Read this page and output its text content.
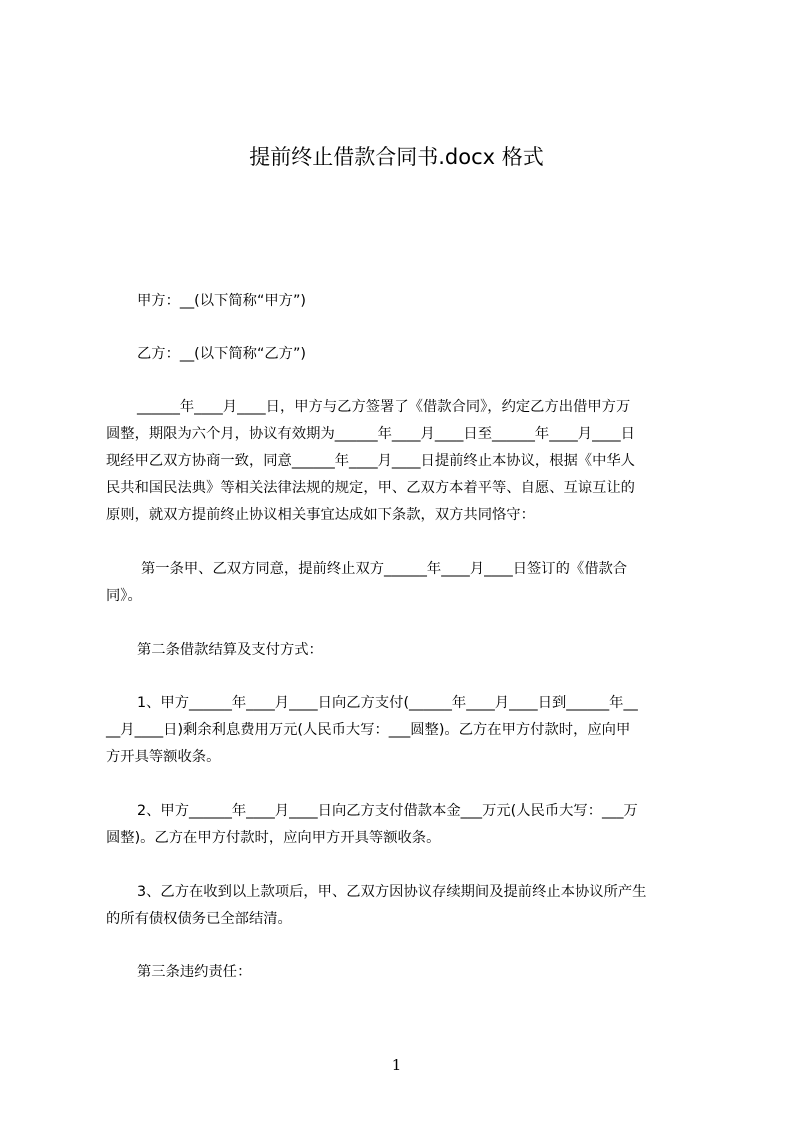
提前终止借款合同书.docx 格式

甲方：__(以下简称“甲方”)

乙方：__(以下简称“乙方”)

______年____月____日，甲方与乙方签署了《借款合同》，约定乙方出借甲方万

圆整，期限为六个月，协议有效期为______年____月____日至______年____月____日

现经甲乙双方协商一致，同意______年____月____日提前终止本协议，根据《中华人

民共和国民法典》等相关法律法规的规定，甲、乙双方本着平等、自愿、互谅互让的

原则，就双方提前终止协议相关事宜达成如下条款，双方共同恪守：

第一条甲、乙双方同意，提前终止双方______年____月____日签订的《借款合

同》。

第二条借款结算及支付方式：

1、甲方______年____月____日向乙方支付(______年____月____日到______年__

__月____日)剩余利息费用万元(人民币大写：___圆整)。乙方在甲方付款时，应向甲

方开具等额收条。

2、甲方______年____月____日向乙方支付借款本金___万元(人民币大写：___万

圆整)。乙方在甲方付款时，应向甲方开具等额收条。

3、乙方在收到以上款项后，甲、乙双方因协议存续期间及提前终止本协议所产生

的所有债权债务已全部结清。

第三条违约责任：

1
